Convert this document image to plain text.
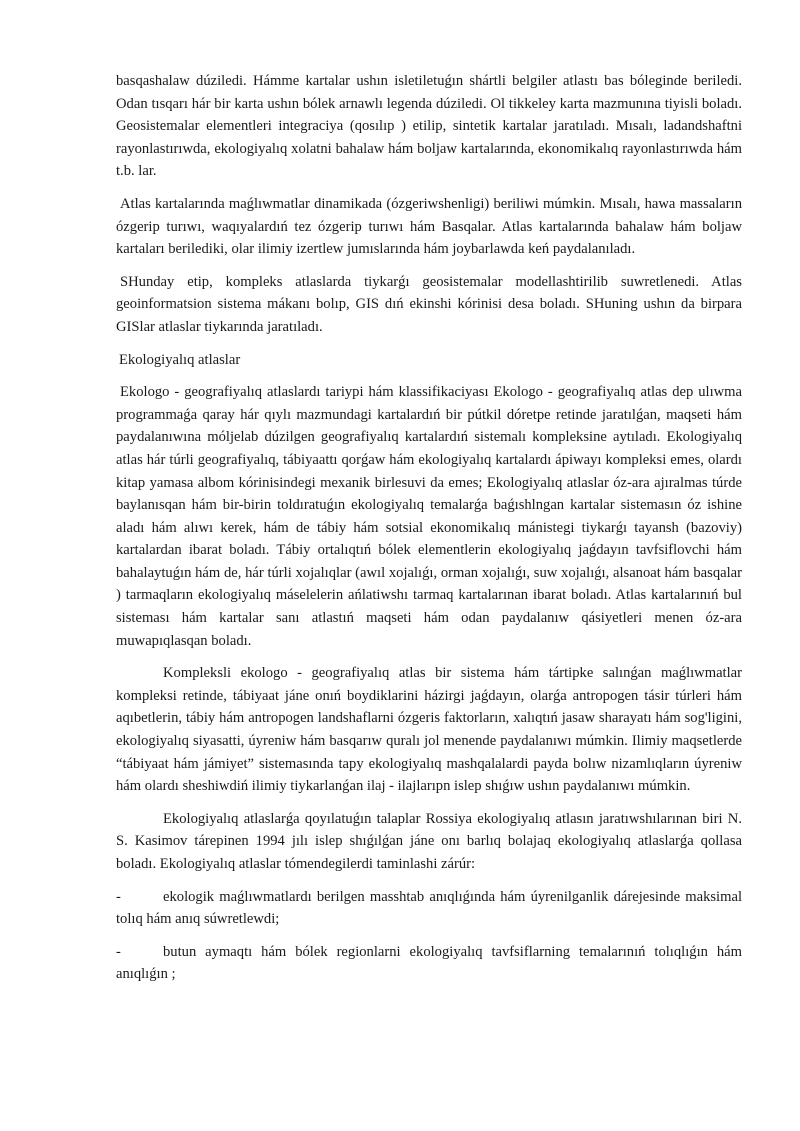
basqashalaw dúziledi. Hámme kartalar ushın isletiletuǵın shártli belgiler atlastı bas bóleginde beriledi. Odan tısqarı hár bir karta ushın bólek arnawlı legenda dúziledi. Ol tikkeley karta mazmunına tiyisli boladı. Geosistemalar elementleri integraciya (qosılıp ) etilip, sintetik kartalar jaratıladı. Mısalı, ladandshaftni rayonlastırıwda, ekologiyalıq xolatni bahalaw hám boljaw kartalarında, ekonomikalıq rayonlastırıwda hám t.b. lar.

Atlas kartalarında maǵlıwmatlar dinamikada (ózgeriwshenligi) beriliwi múmkin. Mısalı, hawa massaların ózgerip turıwı, waqıyalardıń tez ózgerip turıwı hám Basqalar. Atlas kartalarında bahalaw hám boljaw kartaları berilediki, olar ilimiy izertlew jumıslarında hám joybarlawda keń paydalanıladı.

SHunday etip, kompleks atlaslarda tiykarǵı geosistemalar modellashtirilib suwretlenedi. Atlas geoinformatsion sistema mákanı bolıp, GIS dıń ekinshi kórinisi desa boladı. SHuning ushın da birpara GISlar atlaslar tiykarında jaratıladı.

Ekologiyalıq atlaslar

Ekologo - geografiyalıq atlaslardı tariypi hám klassifikaciyası Ekologo - geografiyalıq atlas dep ulıwma programmaǵa qaray hár qıylı mazmundagi kartalardıń bir pútkil dóretpe retinde jaratılǵan, maqseti hám paydalanıwına móljelab dúzilgen geografiyalıq kartalardıń sistemalı kompleksine aytıladı. Ekologiyalıq atlas hár túrli geografiyalıq, tábiyaattı qorǵaw hám ekologiyalıq kartalardı ápiwayı kompleksi emes, olardı kitap yamasa albom kórinisindegi mexanik birlesuvi da emes; Ekologiyalıq atlaslar óz-ara ajıralmas túrde baylanısqan hám bir-birin toldıratuǵın ekologiyalıq temalarǵa baǵıshlngan kartalar sistemasın óz ishine aladı hám alıwı kerek, hám de tábiy hám sotsial ekonomikalıq mánistegi tiykarǵı tayansh (bazoviy) kartalardan ibarat boladı. Tábiy ortalıqtıń bólek elementlerin ekologiyalıq jaǵdayın tavfsiflovchi hám bahalaytuǵın hám de, hár túrli xojalıqlar (awıl xojalıǵı, orman xojalıǵı, suw xojalıǵı, alsanoat hám basqalar ) tarmaqların ekologiyalıq máselelerin ańlatiwshı tarmaq kartalarınan ibarat boladı. Atlas kartalarınıń bul sisteması hám kartalar sanı atlastıń maqseti hám odan paydalanıw qásiyetleri menen óz-ara muwapıqlasqan boladı.

Kompleksli ekologo - geografiyalıq atlas bir sistema hám tártipke salınǵan maǵlıwmatlar kompleksi retinde, tábiyaat jáne onıń boydiklarini házirgi jaǵdayın, olarǵa antropogen tásir túrleri hám aqıbetlerin, tábiy hám antropogen landshaflarni ózgeris faktorların, xalıqtıń jasaw sharayatı hám sog'ligini, ekologiyalıq siyasatti, úyreniw hám basqarıw quralı jol menende paydalanıwı múmkin. Ilimiy maqsetlerde “tábiyaat hám jámiyet” sistemasında tapy ekologiyalıq mashqalalardi payda bolıw nizamlıqların úyreniw hám olardı sheshiwdiń ilimiy tiykarlanǵan ilaj - ilajlarıpn islep shıǵıw ushın paydalanıwı múmkin.

Ekologiyalıq atlaslarǵa qoyılatuǵın talaplar Rossiya ekologiyalıq atlasın jaratıwshılarınan biri N. S. Kasimov tárepinen 1994 jılı islep shıǵılǵan jáne onı barlıq bolajaq ekologiyalıq atlaslarǵa qollasa boladı. Ekologiyalıq atlaslar tómendegilerdi taminlashi zárúr:

-	ekologik maǵlıwmatlardı berilgen masshtab anıqlıǵında hám úyrenilganlik dárejesinde maksimal tolıq hám anıq súwretlewdi;
-	butun aymaqtı hám bólek regionlarni ekologiyalıq tavfsiflarning temalarınıń tolıqlıǵın hám anıqlıǵın ;
